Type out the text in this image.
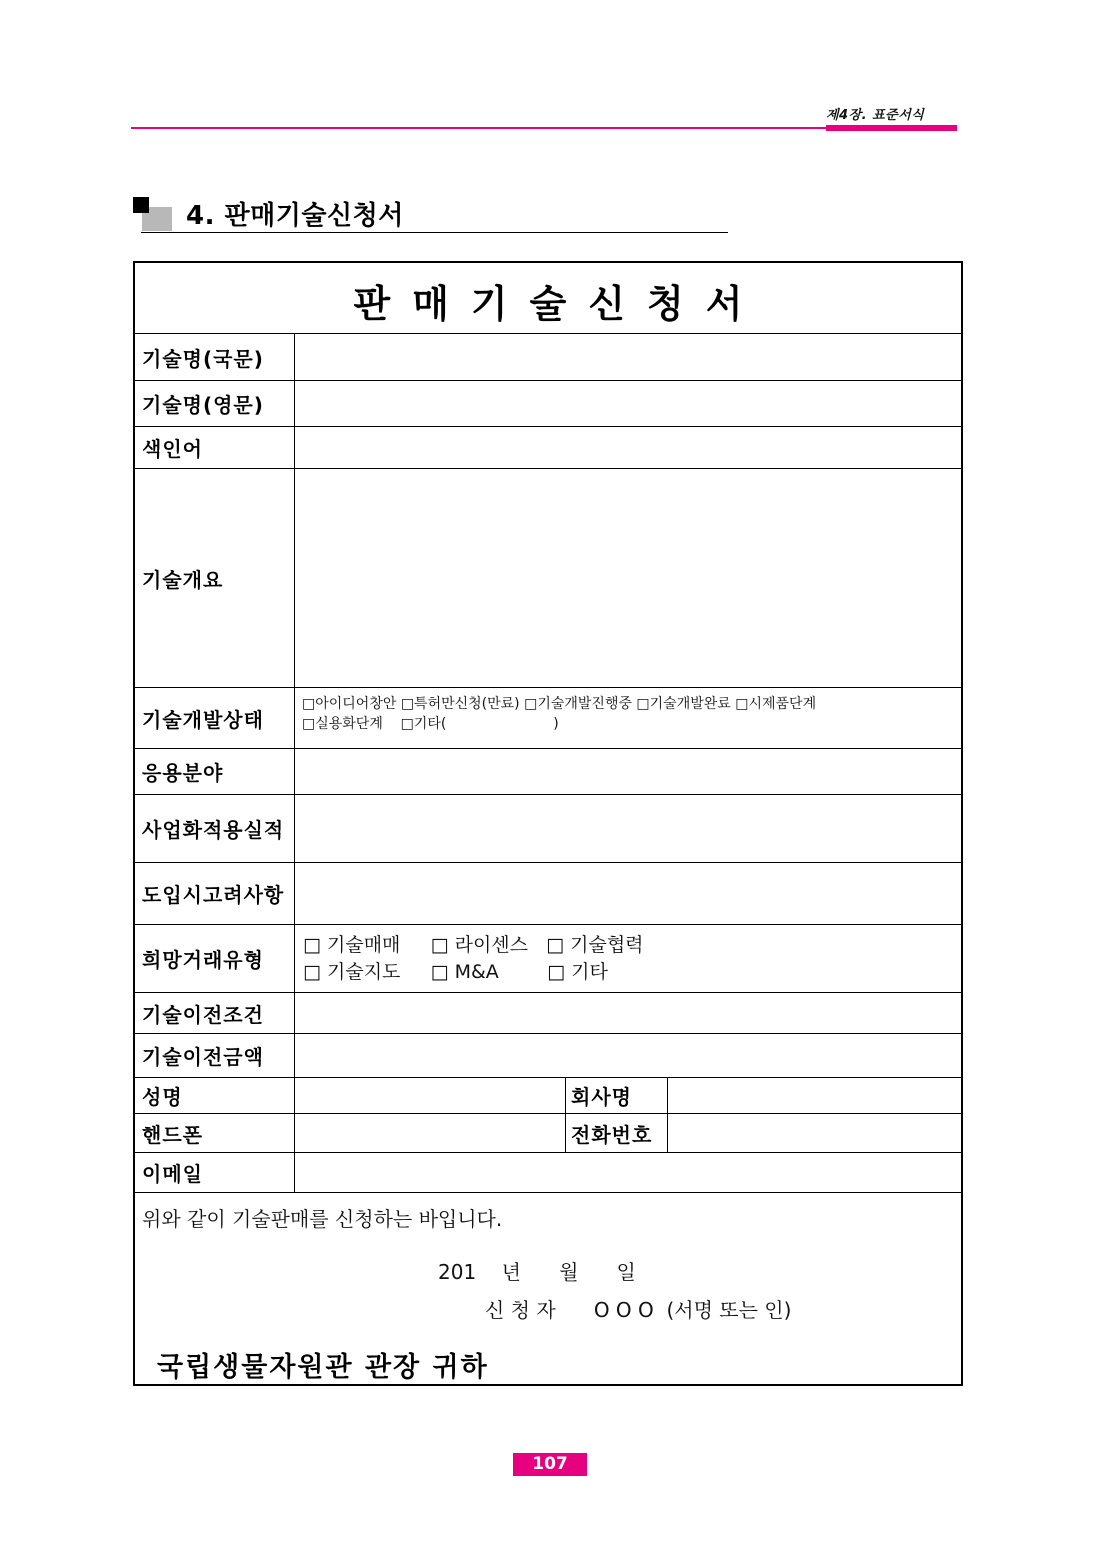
제4장. 표준서식
4. 판매기술신청서
판매기술신청서
기술명(국문)
기술명(영문)
색인어
기술개요
기술개발상태
□아이디어창안 □특허만신청(만료) □기술개발진행중 □기술개발완료 □시제품단계
□실용화단계    □기타(                        )
응용분야
사업화적용실적
도입시고려사항
희망거래유형
□ 기술매매     □ 라이센스   □ 기술협력
□ 기술지도     □ M&A        □ 기타
기술이전조건
기술이전금액
성명	회사명
핸드폰	전화번호
이메일
위와 같이 기술판매를 신청하는 바입니다.
201    년      월      일
신 청 자      O O O  (서명 또는 인)
국립생물자원관 관장 귀하
107
